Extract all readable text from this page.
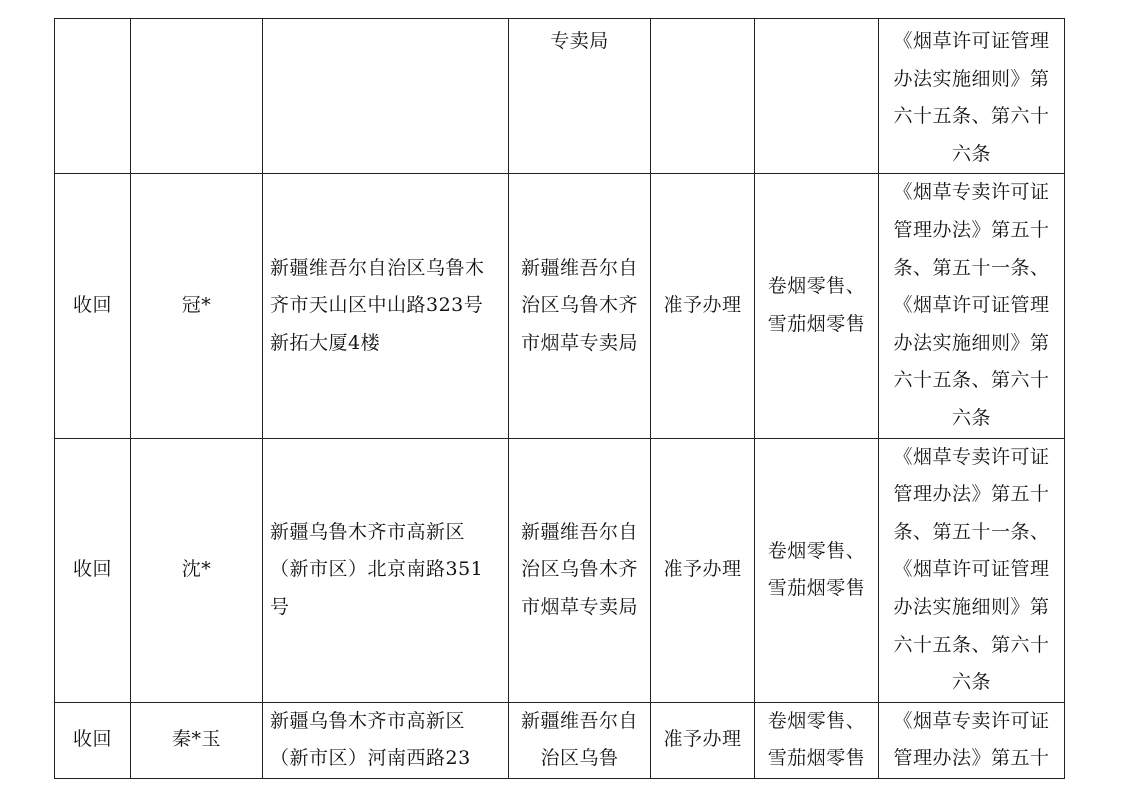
			专卖局			《烟草许可证管理办法实施细则》第六十五条、第六十六条
收回	冠*	新疆维吾尔自治区乌鲁木齐市天山区中山路323号新拓大厦4楼	新疆维吾尔自治区乌鲁木齐市烟草专卖局	准予办理	卷烟零售、雪茄烟零售	《烟草专卖许可证管理办法》第五十条、第五十一条、《烟草许可证管理办法实施细则》第六十五条、第六十六条
收回	沈*	新疆乌鲁木齐市高新区（新市区）北京南路351号	新疆维吾尔自治区乌鲁木齐市烟草专卖局	准予办理	卷烟零售、雪茄烟零售	《烟草专卖许可证管理办法》第五十条、第五十一条、《烟草许可证管理办法实施细则》第六十五条、第六十六条
收回	秦*玉	新疆乌鲁木齐市高新区（新市区）河南西路23	新疆维吾尔自治区乌鲁	准予办理	卷烟零售、雪茄烟零售	《烟草专卖许可证管理办法》第五十
